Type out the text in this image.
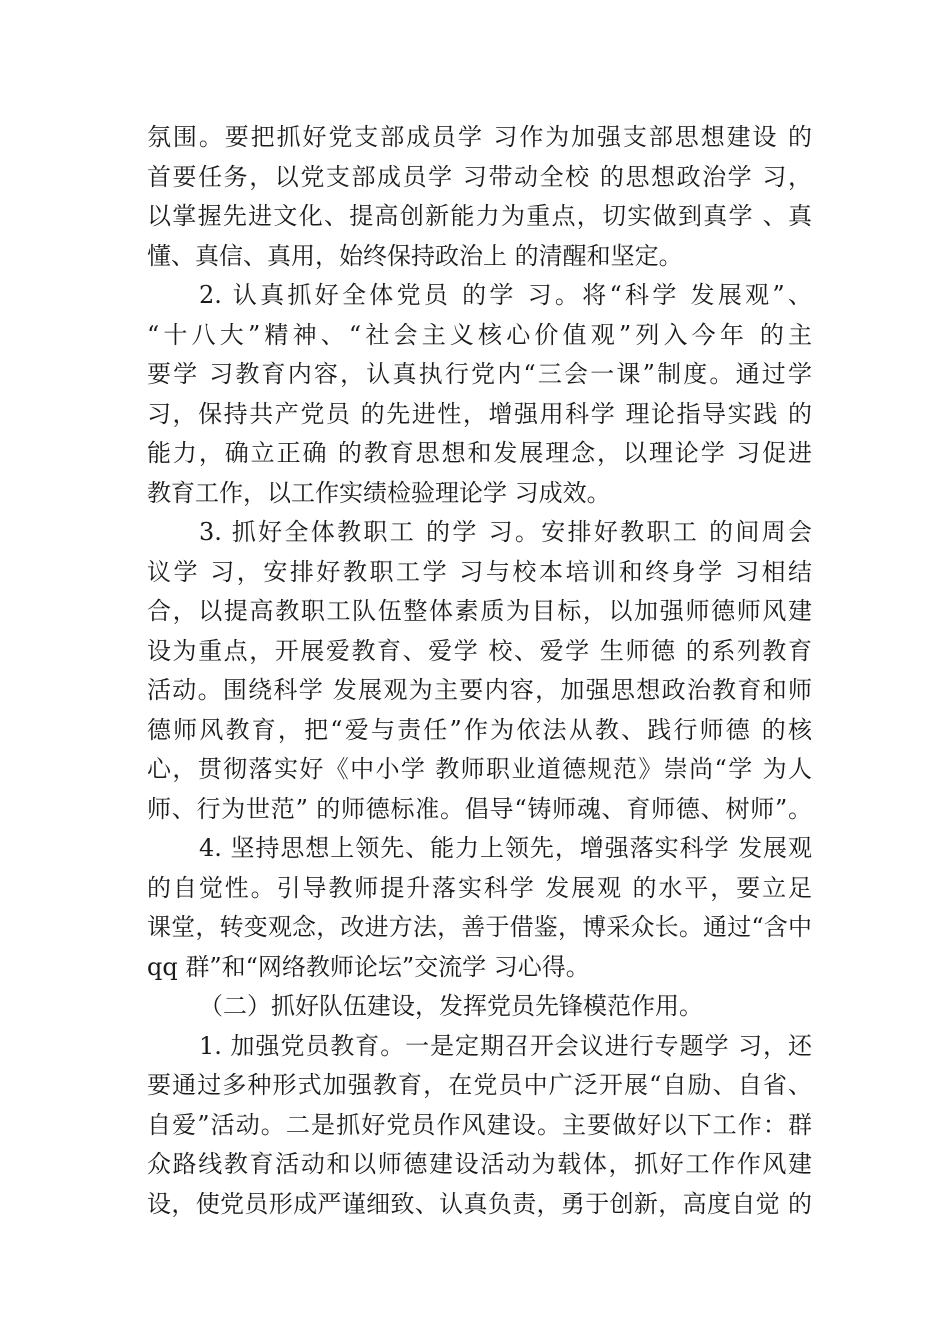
氛围。要把抓好党支部成员学 习作为加强支部思想建设 的
首要任务，以党支部成员学 习带动全校 的思想政治学 习，
以掌握先进文化、提高创新能力为重点，切实做到真学 、真
懂、真信、真用，始终保持政治上 的清醒和坚定。
2. 认真抓好全体党员 的学 习。将“科学 发展观”、
“十八大”精神、“社会主义核心价值观”列入今年 的主
要学 习教育内容，认真执行党内“三会一课”制度。通过学
习，保持共产党员 的先进性，增强用科学 理论指导实践 的
能力，确立正确 的教育思想和发展理念，以理论学 习促进
教育工作，以工作实绩检验理论学 习成效。
3. 抓好全体教职工 的学 习。安排好教职工 的间周会
议学 习，安排好教职工学 习与校本培训和终身学 习相结
合，以提高教职工队伍整体素质为目标，以加强师德师风建
设为重点，开展爱教育、爱学 校、爱学 生师德 的系列教育
活动。围绕科学 发展观为主要内容，加强思想政治教育和师
德师风教育，把“爱与责任”作为依法从教、践行师德 的核
心，贯彻落实好《中小学 教师职业道德规范》崇尚“学 为人
师、行为世范” 的师德标准。倡导“铸师魂、育师德、树师”。
4. 坚持思想上领先、能力上领先，增强落实科学 发展观
的自觉性。引导教师提升落实科学 发展观 的水平，要立足
课堂，转变观念，改进方法，善于借鉴，博采众长。通过“含中
qq 群”和“网络教师论坛”交流学 习心得。
（二）抓好队伍建设，发挥党员先锋模范作用。
1. 加强党员教育。一是定期召开会议进行专题学 习，还
要通过多种形式加强教育，在党员中广泛开展“自励、自省、
自爱”活动。二是抓好党员作风建设。主要做好以下工作：群
众路线教育活动和以师德建设活动为载体，抓好工作作风建
设，使党员形成严谨细致、认真负责，勇于创新，高度自觉 的
